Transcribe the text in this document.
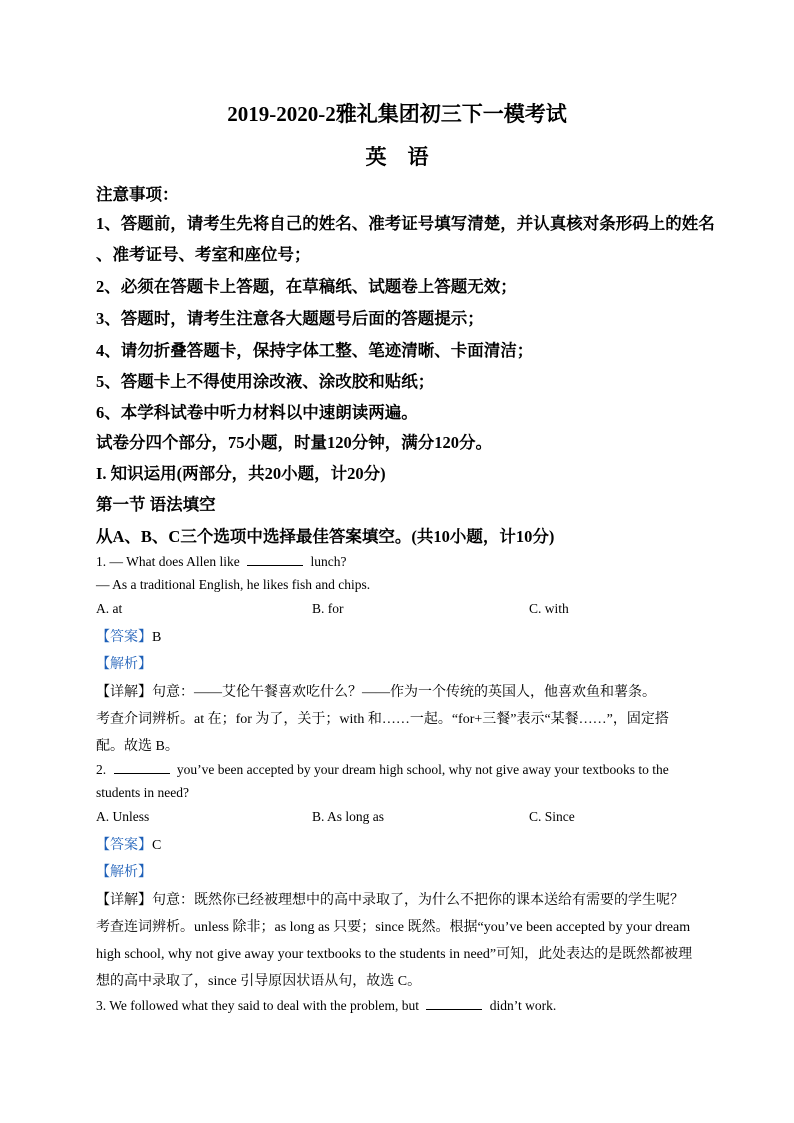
2019-2020-2雅礼集团初三下一模考试
英　语
注意事项：
1、答题前，请考生先将自己的姓名、准考证号填写清楚，并认真核对条形码上的姓名
、准考证号、考室和座位号；
2、必须在答题卡上答题，在草稿纸、试题卷上答题无效；
3、答题时，请考生注意各大题题号后面的答题提示；
4、请勿折叠答题卡，保持字体工整、笔迹清晰、卡面清洁；
5、答题卡上不得使用涂改液、涂改胶和贴纸；
6、本学科试卷中听力材料以中速朗读两遍。
试卷分四个部分，75小题，时量120分钟，满分120分。
I. 知识运用(两部分，共20小题，计20分)
第一节 语法填空
从A、B、C三个选项中选择最佳答案填空。(共10小题，计10分)
1. — What does Allen like	lunch?
— As a traditional English, he likes fish and chips.
A. at	B. for	C. with
【答案】B
【解析】
【详解】句意：——艾伦午餐喜欢吃什么？——作为一个传统的英国人，他喜欢鱼和薯条。
考查介词辨析。at 在；for 为了，关于；with 和……一起。“for+三餐”表示“某餐……”，固定搭
配。故选 B。
2.	you’ve been accepted by your dream high school, why not give away your textbooks to the
students in need?
A. Unless	B. As long as	C. Since
【答案】C
【解析】
【详解】句意：既然你已经被理想中的高中录取了，为什么不把你的课本送给有需要的学生呢？
考查连词辨析。unless 除非；as long as 只要；since 既然。根据“you’ve been accepted by your dream
high school, why not give away your textbooks to the students in need”可知，此处表达的是既然都被理
想的高中录取了，since 引导原因状语从句，故选 C。
3. We followed what they said to deal with the problem, but	didn’t work.
